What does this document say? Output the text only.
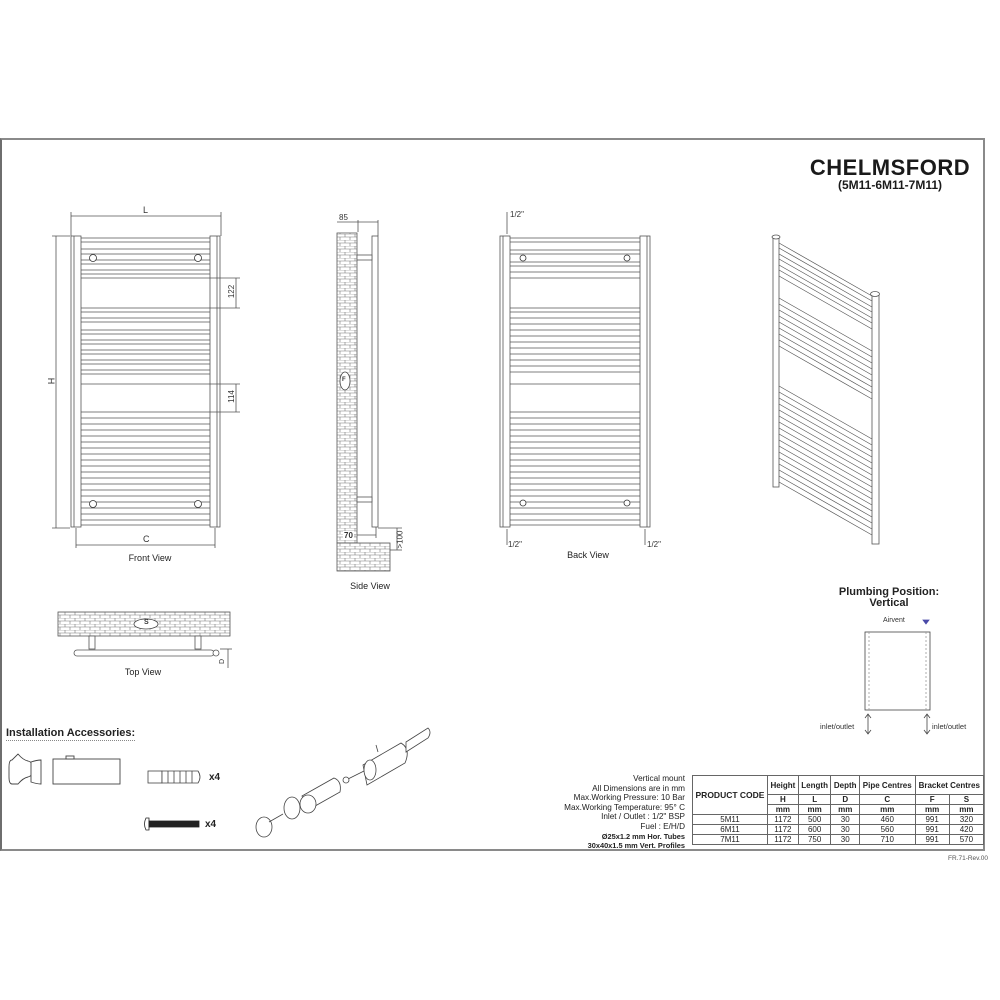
CHELMSFORD
(5M11-6M11-7M11)
L
H
122
114
C
Front View
85
F
70	>100
Side View
1/2"
1/2"	1/2"
Back View
S
D
Top View
Plumbing Position:
Vertical
Airvent
inlet/outlet	inlet/outlet
Installation Accessories:
x4
x4
Vertical mount
All Dimensions are in mm
Max.Working Pressure: 10 Bar
Max.Working Temperature: 95° C
Inlet / Outlet : 1/2" BSP
Fuel : E/H/D
Ø25x1.2 mm Hor. Tubes
30x40x1.5 mm Vert. Profiles
PRODUCT CODE	Height	Length	Depth	Pipe Centres	Bracket Centres	
	H	L	D	C	F	S
	mm	mm	mm	mm	mm	mm
5M11	1172	500	30	460	991	320
6M11	1172	600	30	560	991	420
7M11	1172	750	30	710	991	570
FR.71-Rev.00
